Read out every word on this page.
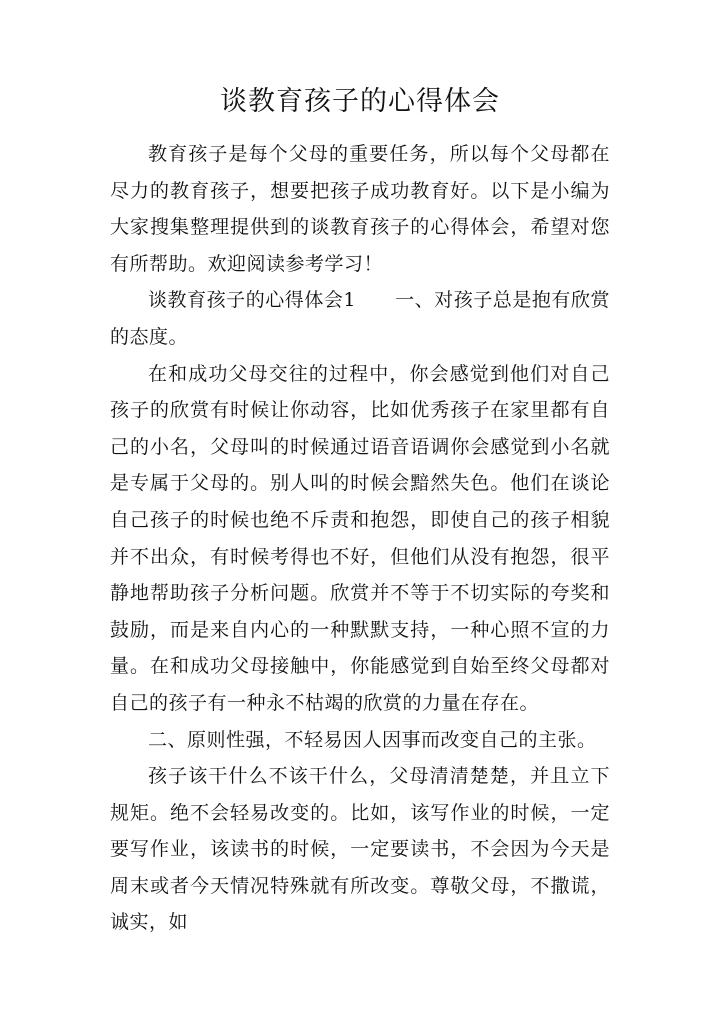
谈教育孩子的心得体会

教育孩子是每个父母的重要任务，所以每个父母都在尽力的教育孩子，想要把孩子成功教育好。以下是小编为大家搜集整理提供到的谈教育孩子的心得体会，希望对您有所帮助。欢迎阅读参考学习！

谈教育孩子的心得体会1　　一、对孩子总是抱有欣赏的态度。

在和成功父母交往的过程中，你会感觉到他们对自己孩子的欣赏有时候让你动容，比如优秀孩子在家里都有自己的小名，父母叫的时候通过语音语调你会感觉到小名就是专属于父母的。别人叫的时候会黯然失色。他们在谈论自己孩子的时候也绝不斥责和抱怨，即使自己的孩子相貌并不出众，有时候考得也不好，但他们从没有抱怨，很平静地帮助孩子分析问题。欣赏并不等于不切实际的夸奖和鼓励，而是来自内心的一种默默支持，一种心照不宣的力量。在和成功父母接触中，你能感觉到自始至终父母都对自己的孩子有一种永不枯竭的欣赏的力量在存在。

二、原则性强，不轻易因人因事而改变自己的主张。

孩子该干什么不该干什么，父母清清楚楚，并且立下规矩。绝不会轻易改变的。比如，该写作业的时候，一定要写作业，该读书的时候，一定要读书，不会因为今天是周末或者今天情况特殊就有所改变。尊敬父母，不撒谎，诚实，如
